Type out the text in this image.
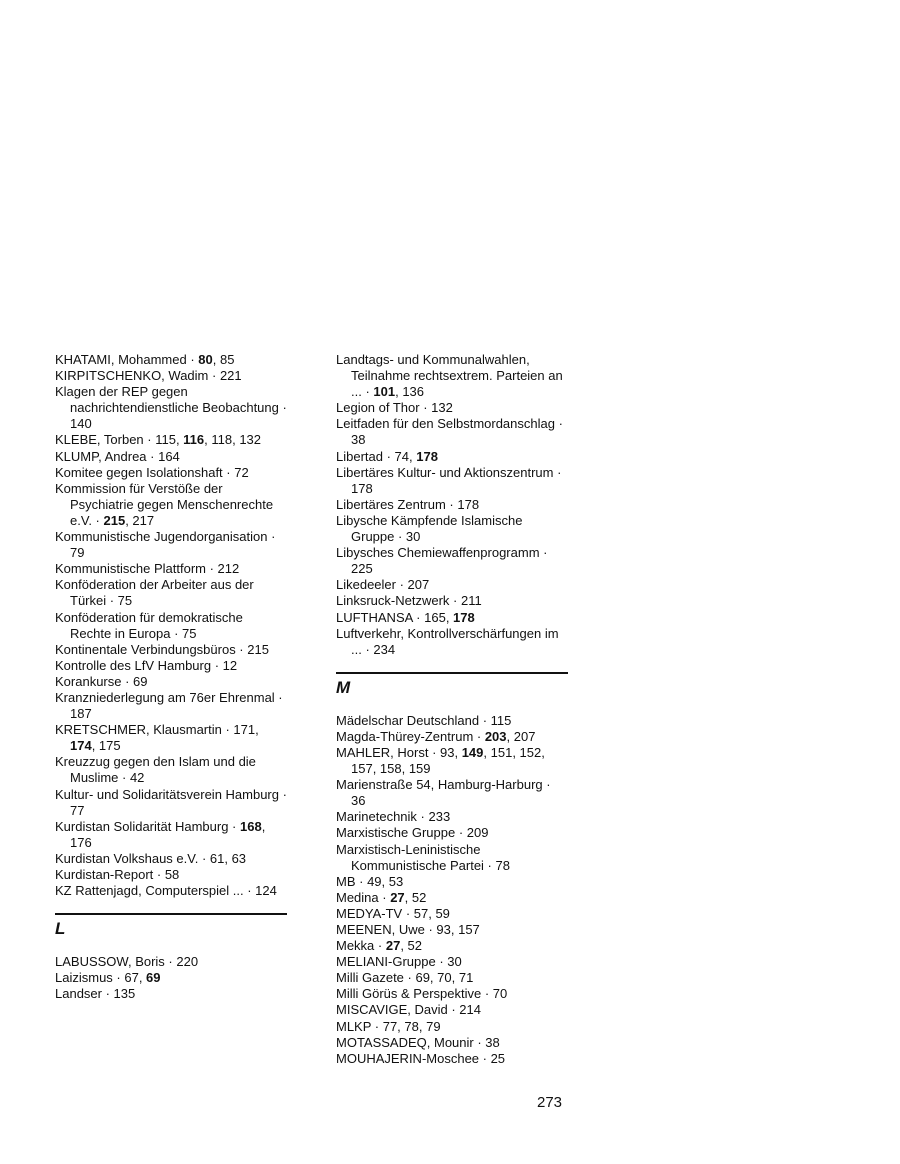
KHATAMI, Mohammed · 80, 85
KIRPITSCHENKO, Wadim · 221
Klagen der REP gegen nachrichtendienstliche Beobachtung · 140
KLEBE, Torben · 115, 116, 118, 132
KLUMP, Andrea · 164
Komitee gegen Isolationshaft · 72
Kommission für Verstöße der Psychiatrie gegen Menschenrechte e.V. · 215, 217
Kommunistische Jugendorganisation · 79
Kommunistische Plattform · 212
Konföderation der Arbeiter aus der Türkei · 75
Konföderation für demokratische Rechte in Europa · 75
Kontinentale Verbindungsbüros · 215
Kontrolle des LfV Hamburg · 12
Korankurse · 69
Kranzniederlegung am 76er Ehrenmal · 187
KRETSCHMER, Klausmartin · 171, 174, 175
Kreuzzug gegen den Islam und die Muslime · 42
Kultur- und Solidaritätsverein Hamburg · 77
Kurdistan Solidarität Hamburg · 168, 176
Kurdistan Volkshaus e.V. · 61, 63
Kurdistan-Report · 58
KZ Rattenjagd, Computerspiel ... · 124
L
LABUSSOW, Boris · 220
Laizismus · 67, 69
Landser · 135
Landtags- und Kommunalwahlen, Teilnahme rechtsextrem. Parteien an ... · 101, 136
Legion of Thor · 132
Leitfaden für den Selbstmordanschlag · 38
Libertad · 74, 178
Libertäres Kultur- und Aktionszentrum · 178
Libertäres Zentrum · 178
Libysche Kämpfende Islamische Gruppe · 30
Libysches Chemiewaffenprogramm · 225
Likedeeler · 207
Linksruck-Netzwerk · 211
LUFTHANSA · 165, 178
Luftverkehr, Kontrollverschärfungen im ... · 234
M
Mädelschar Deutschland · 115
Magda-Thürey-Zentrum · 203, 207
MAHLER, Horst · 93, 149, 151, 152, 157, 158, 159
Marienstraße 54, Hamburg-Harburg · 36
Marinetechnik · 233
Marxistische Gruppe · 209
Marxistisch-Leninistische Kommunistische Partei · 78
MB · 49, 53
Medina · 27, 52
MEDYA-TV · 57, 59
MEENEN, Uwe · 93, 157
Mekka · 27, 52
MELIANI-Gruppe · 30
Milli Gazete · 69, 70, 71
Milli Görüs & Perspektive · 70
MISCAVIGE, David · 214
MLKP · 77, 78, 79
MOTASSADEQ, Mounir · 38
MOUHAJERIN-Moschee · 25
273
